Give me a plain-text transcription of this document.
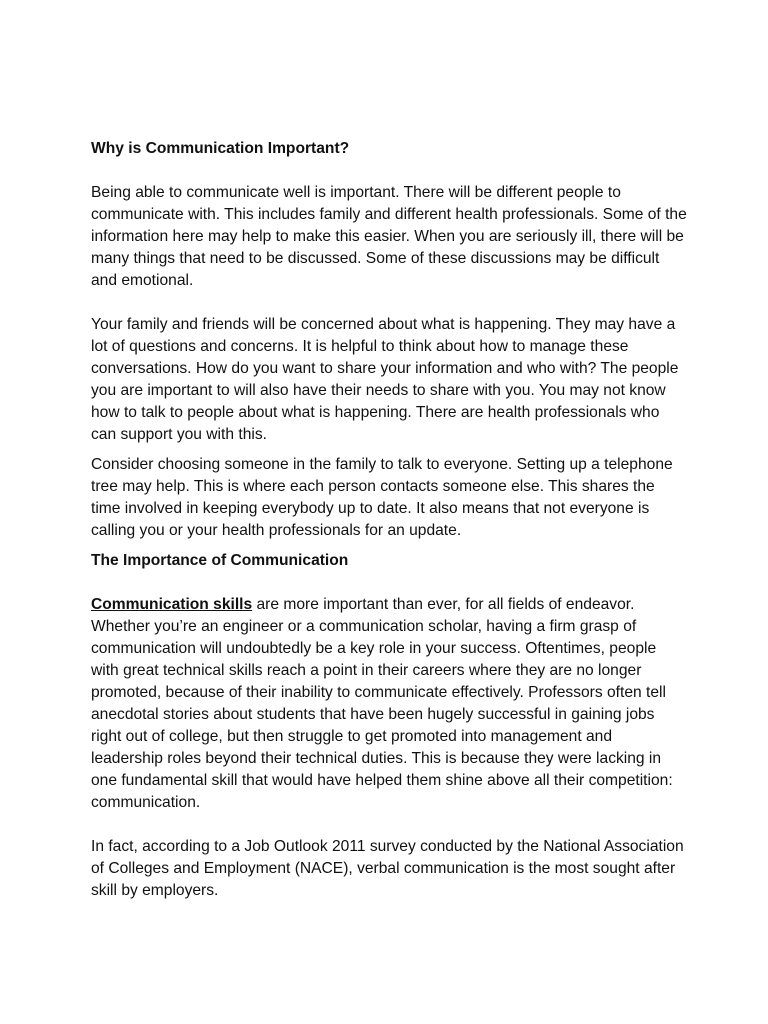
Why is Communication Important?

Being able to communicate well is important. There will be different people to communicate with. This includes family and different health professionals. Some of the information here may help to make this easier. When you are seriously ill, there will be many things that need to be discussed. Some of these discussions may be difficult and emotional.

Your family and friends will be concerned about what is happening. They may have a lot of questions and concerns. It is helpful to think about how to manage these conversations. How do you want to share your information and who with? The people you are important to will also have their needs to share with you. You may not know how to talk to people about what is happening. There are health professionals who can support you with this.

Consider choosing someone in the family to talk to everyone. Setting up a telephone tree may help. This is where each person contacts someone else. This shares the time involved in keeping everybody up to date. It also means that not everyone is calling you or your health professionals for an update.

The Importance of Communication

Communication skills are more important than ever, for all fields of endeavor. Whether you’re an engineer or a communication scholar, having a firm grasp of communication will undoubtedly be a key role in your success. Oftentimes, people with great technical skills reach a point in their careers where they are no longer promoted, because of their inability to communicate effectively. Professors often tell anecdotal stories about students that have been hugely successful in gaining jobs right out of college, but then struggle to get promoted into management and leadership roles beyond their technical duties. This is because they were lacking in one fundamental skill that would have helped them shine above all their competition: communication.

In fact, according to a Job Outlook 2011 survey conducted by the National Association of Colleges and Employment (NACE), verbal communication is the most sought after skill by employers.
